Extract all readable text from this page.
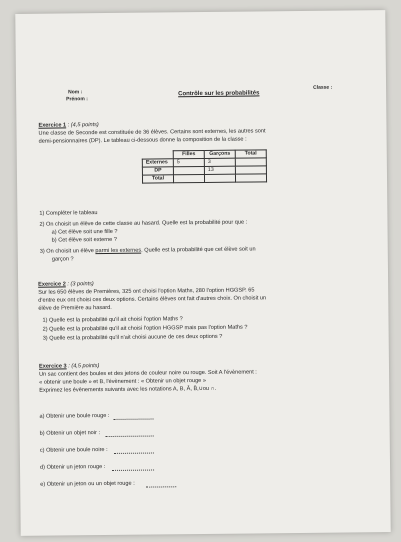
Nom :
Prénom :
Contrôle sur les probabilités
Classe :
Exercice 1 : (4,5 points)
Une classe de Seconde est constituée de 36 élèves. Certains sont externes, les autres sont
demi-pensionnaires (DP). Le tableau ci-dessous donne la composition de la classe :
	Filles	Garçons	Total
Externes	5	3	
DP		13	
Total			
1) Compléter le tableau
2) On choisit un élève de cette classe au hasard. Quelle est la probabilité pour que :
a) Cet élève soit une fille ?
b) Cet élève soit externe ?
3) On choisit un élève parmi les externes. Quelle est la probabilité que cet élève soit un
garçon ?
Exercice 2 : (3 points)
Sur les 650 élèves de Premières, 325 ont choisi l'option Maths, 280 l'option HGGSP. 65
d'entre eux ont choisi ces deux options. Certains élèves ont fait d'autres choix. On choisit un
élève de Première au hasard.
1) Quelle est la probabilité qu'il ait choisi l'option Maths ?
2) Quelle est la probabilité qu'il ait choisi l'option HGGSP mais pas l'option Maths ?
3) Quelle est la probabilité qu'il n'ait choisi aucune de ces deux options ?
Exercice 3 : (4,5 points)
Un sac contient des boules et des jetons de couleur noire ou rouge. Soit A l'évènement :
« obtenir une boule » et B, l'évènement : « Obtenir un objet rouge »
Exprimez les évènements suivants avec les notations A, B, Ā, B̄,∪ou ∩.
a) Obtenir une boule rouge :
b) Obtenir un objet noir :
c) Obtenir une boule noire :
d) Obtenir un jeton rouge :
e) Obtenir un jeton ou un objet rouge :
